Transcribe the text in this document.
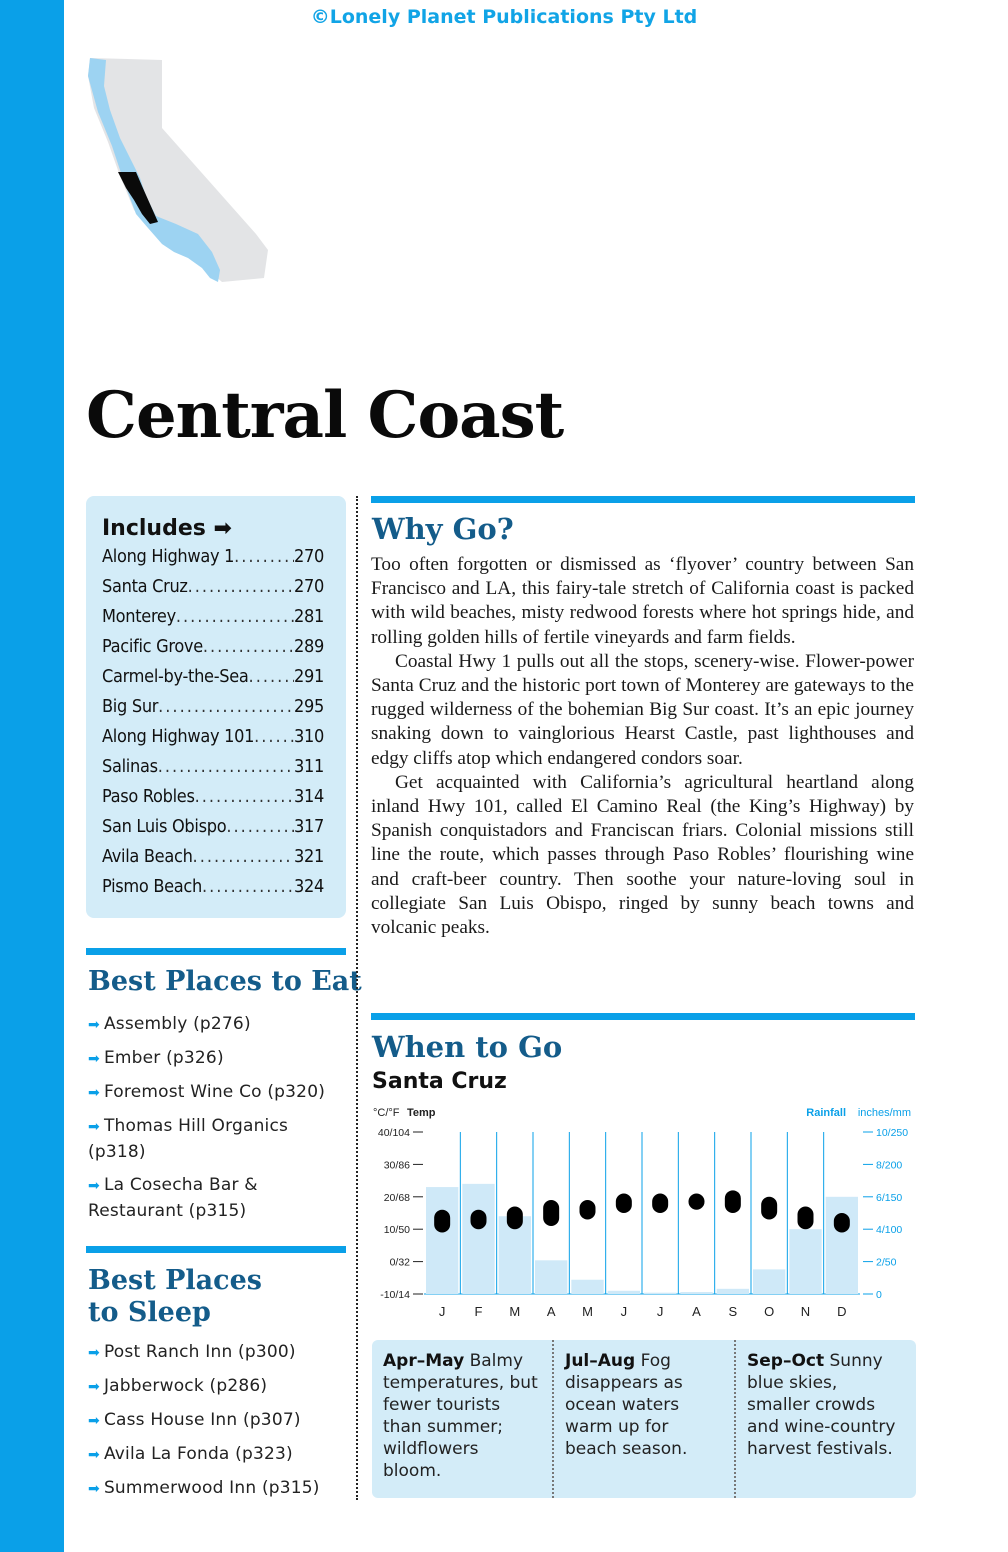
©Lonely Planet Publications Pty Ltd
Central Coast
Includes ➡
Along Highway 1 .....	270
Santa Cruz .....	270
Monterey .....	281
Pacific Grove .....	289
Carmel-by-the-Sea .....	291
Big Sur .....	295
Along Highway 101 ..... 310
Salinas .....	311
Paso Robles .....	314
San Luis Obispo .....	317
Avila Beach .....	321
Pismo Beach .....	324
Best Places to Eat
➡ Assembly (p276)
➡ Ember (p326)
➡ Foremost Wine Co (p320)
➡ Thomas Hill Organics (p318)
➡ La Cosecha Bar & Restaurant (p315)
Best Places
to Sleep
➡ Post Ranch Inn (p300)
➡ Jabberwock (p286)
➡ Cass House Inn (p307)
➡ Avila La Fonda (p323)
➡ Summerwood Inn (p315)
Why Go?

Too often forgotten or dismissed as ‘flyover’ country between San Francisco and LA, this fairy-tale stretch of California coast is packed with wild beaches, misty redwood forests where hot springs hide, and rolling golden hills of fertile vineyards and farm fields.

Coastal Hwy 1 pulls out all the stops, scenery-wise. Flower-power Santa Cruz and the historic port town of Monterey are gateways to the rugged wilderness of the bohemian Big Sur coast. It’s an epic journey snaking down to vainglorious Hearst Castle, past lighthouses and edgy cliffs atop which endangered condors soar.

Get acquainted with California’s agricultural heartland along inland Hwy 101, called El Camino Real (the King’s Highway) by Spanish conquistadors and Franciscan friars. Colonial missions still line the route, which passes through Paso Robles’ flourishing wine and craft-beer country. Then soothe your nature-loving soul in collegiate San Luis Obispo, ringed by sunny beach towns and volcanic peaks.

When to Go
Santa Cruz
°C/°F Temp	Rainfall inches/mm
40/104
30/86
20/68
10/50
0/32
-10/14
10/250
8/200
6/150
4/100
2/50
0
J F M A M J J A S O N D
Apr–May Balmy temperatures, but fewer tourists than summer; wildflowers bloom.
Jul–Aug Fog disappears as ocean waters warm up for beach season.
Sep–Oct Sunny blue skies, smaller crowds and wine-country harvest festivals.
